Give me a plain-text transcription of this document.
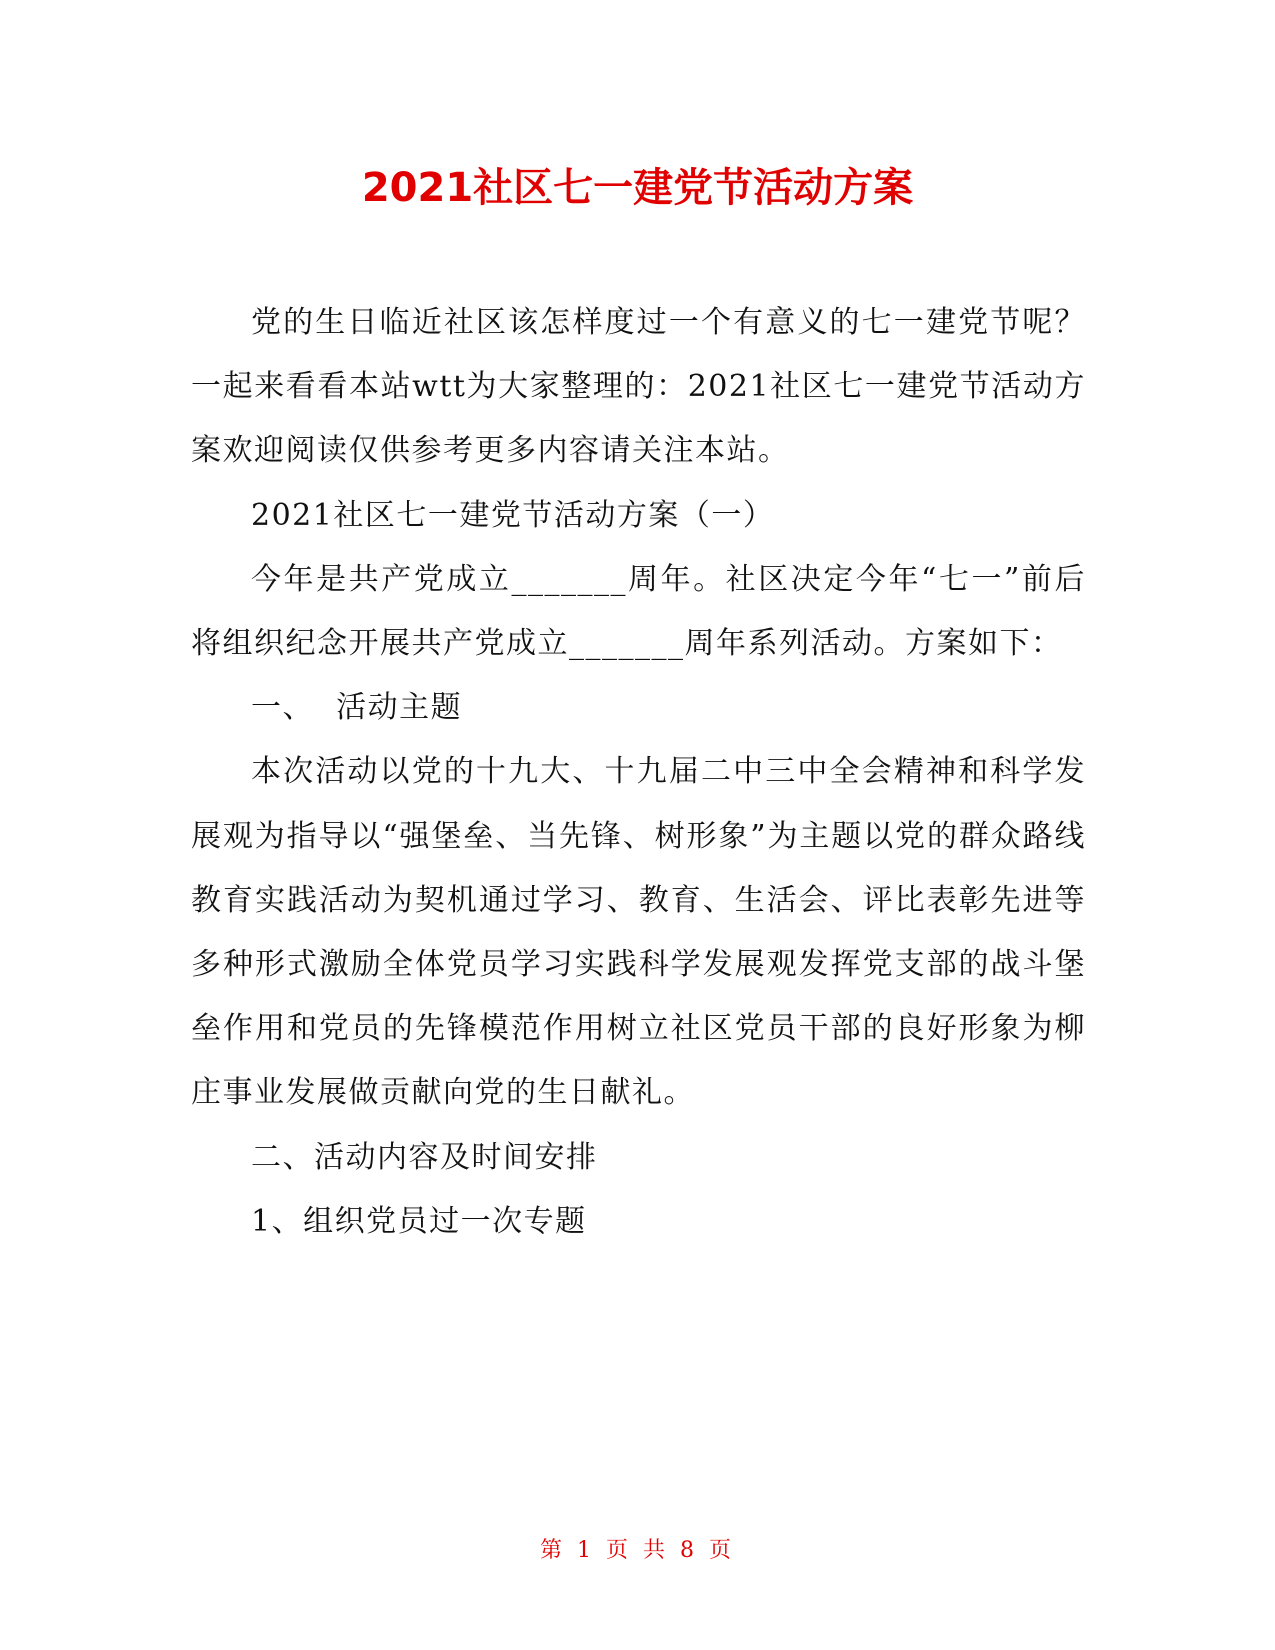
2021社区七一建党节活动方案

党的生日临近社区该怎样度过一个有意义的七一建党节呢？一起来看看本站wtt为大家整理的：2021社区七一建党节活动方案欢迎阅读仅供参考更多内容请关注本站。

2021社区七一建党节活动方案（一）

今年是共产党成立_______周年。社区决定今年“七一”前后将组织纪念开展共产党成立_______周年系列活动。方案如下：

一、  活动主题

本次活动以党的十九大、十九届二中三中全会精神和科学发展观为指导以“强堡垒、当先锋、树形象”为主题以党的群众路线教育实践活动为契机通过学习、教育、生活会、评比表彰先进等多种形式激励全体党员学习实践科学发展观发挥党支部的战斗堡垒作用和党员的先锋模范作用树立社区党员干部的良好形象为柳庄事业发展做贡献向党的生日献礼。

二、活动内容及时间安排

1、组织党员过一次专题

第 1 页 共 8 页
